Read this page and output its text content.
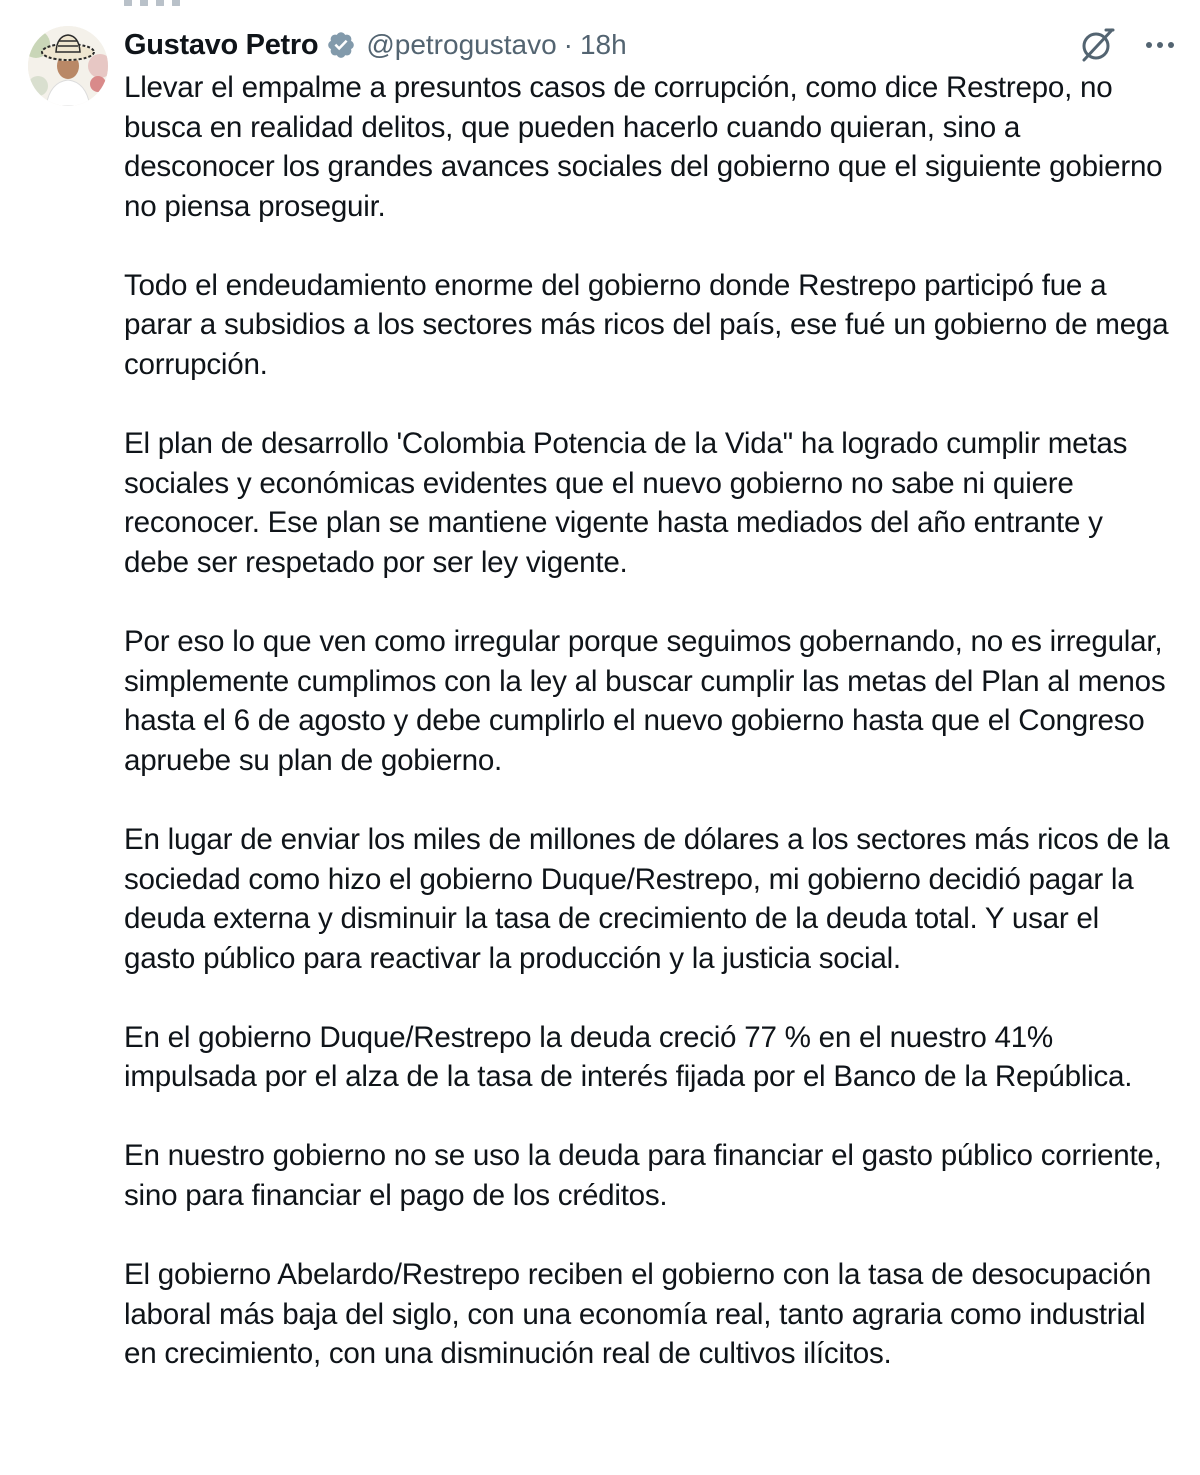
Gustavo Petro @petrogustavo · 18h

Llevar el empalme a presuntos casos de corrupción, como dice Restrepo, no busca en realidad delitos, que pueden hacerlo cuando quieran, sino a desconocer los grandes avances sociales del gobierno que el siguiente gobierno no piensa proseguir.

Todo el endeudamiento enorme del gobierno donde Restrepo participó fue a parar a subsidios a los sectores más ricos del país, ese fué un gobierno de mega corrupción.

El plan de desarrollo 'Colombia Potencia de la Vida" ha logrado cumplir metas sociales y económicas evidentes que el nuevo gobierno no sabe ni quiere reconocer. Ese plan se mantiene vigente hasta mediados del año entrante y debe ser respetado por ser ley vigente.

Por eso lo que ven como irregular porque seguimos gobernando, no es irregular, simplemente cumplimos con la ley al buscar cumplir las metas del Plan al menos hasta el 6 de agosto y debe cumplirlo el nuevo gobierno hasta que el Congreso apruebe su plan de gobierno.

En lugar de enviar los miles de millones de dólares a los sectores más ricos de la sociedad como hizo el gobierno Duque/Restrepo, mi gobierno decidió pagar la deuda externa y disminuir la tasa de crecimiento de la deuda total. Y usar el gasto público para reactivar la producción y la justicia social.

En el gobierno Duque/Restrepo la deuda creció 77 % en el nuestro 41% impulsada por el alza de la tasa de interés fijada por el Banco de la República.

En nuestro gobierno no se uso la deuda para financiar el gasto público corriente, sino para financiar el pago de los créditos.

El gobierno Abelardo/Restrepo reciben el gobierno con la tasa de desocupación laboral más baja del siglo, con una economía real, tanto agraria como industrial en crecimiento, con una disminución real de cultivos ilícitos.
